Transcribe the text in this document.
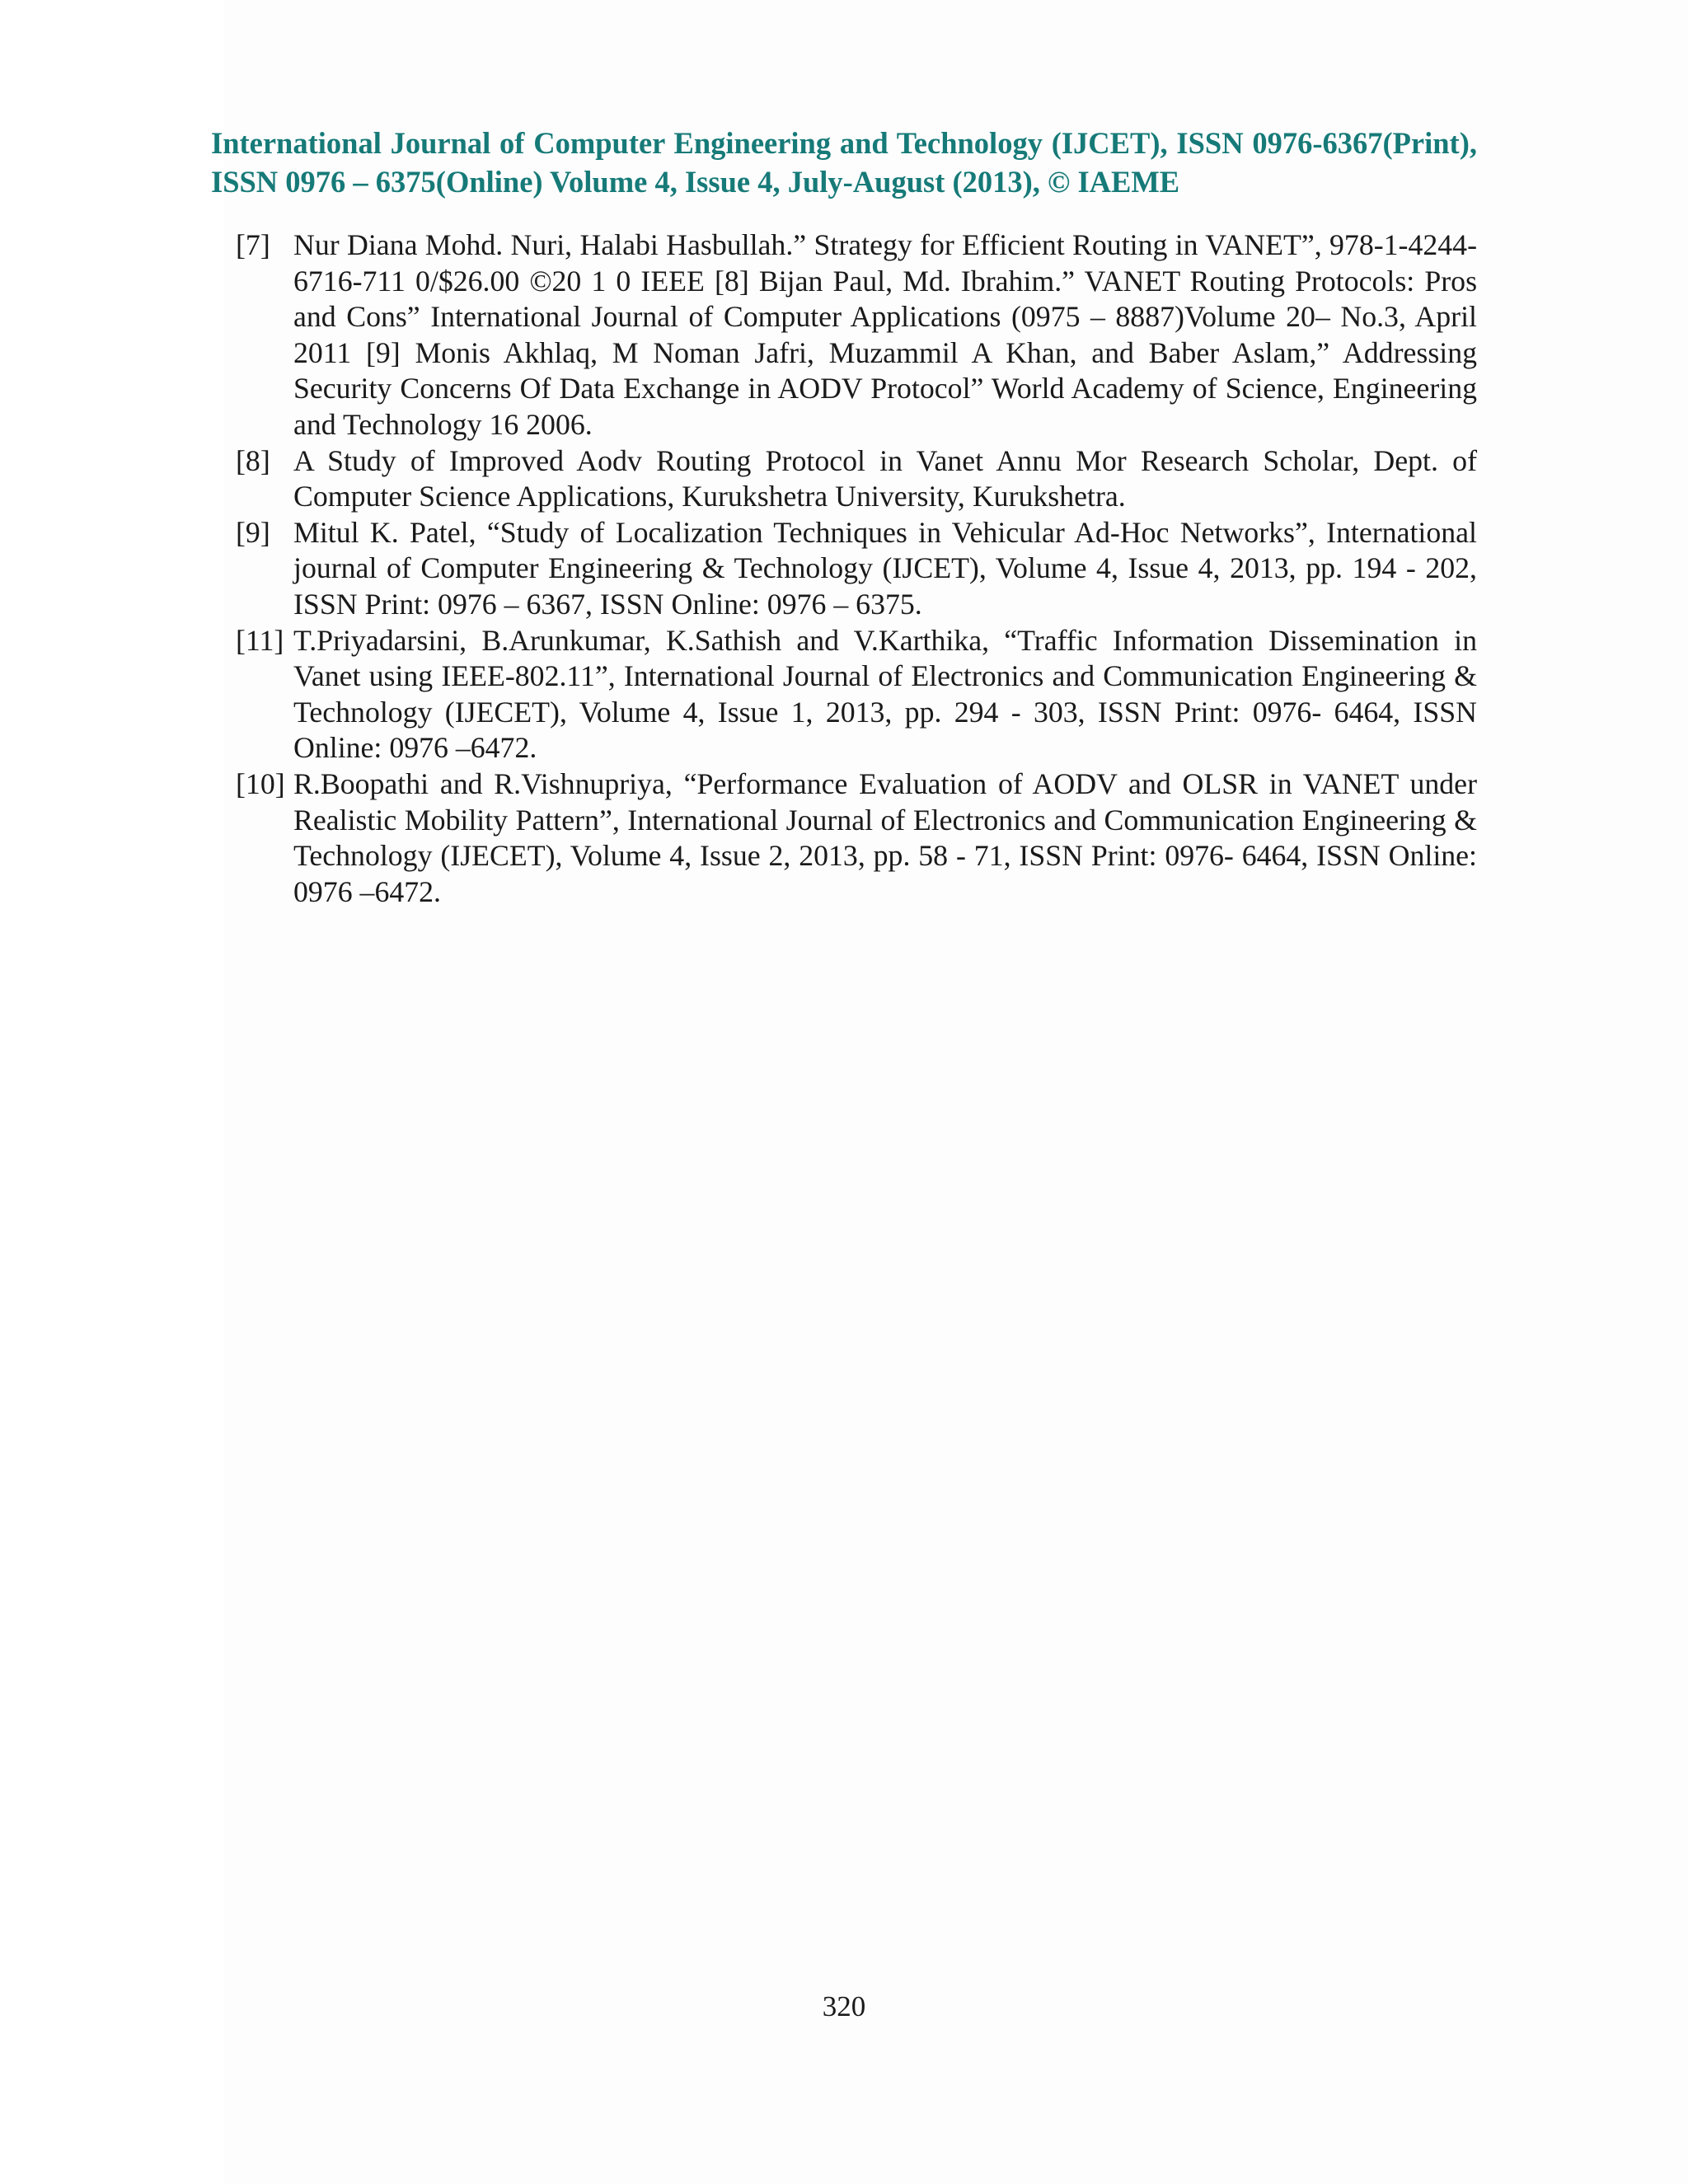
International Journal of Computer Engineering and Technology (IJCET), ISSN 0976-6367(Print), ISSN 0976 – 6375(Online) Volume 4, Issue 4, July-August (2013), © IAEME
[7] Nur Diana Mohd. Nuri, Halabi Hasbullah.” Strategy for Efficient Routing in VANET”, 978-1-4244-6716-711 0/$26.00 ©20 1 0 IEEE [8] Bijan Paul, Md. Ibrahim.” VANET Routing Protocols: Pros and Cons” International Journal of Computer Applications (0975 – 8887)Volume 20– No.3, April 2011 [9] Monis Akhlaq, M Noman Jafri, Muzammil A Khan, and Baber Aslam,” Addressing Security Concerns Of Data Exchange in AODV Protocol” World Academy of Science, Engineering and Technology 16 2006.
[8] A Study of Improved Aodv Routing Protocol in Vanet Annu Mor Research Scholar, Dept. of Computer Science Applications, Kurukshetra University, Kurukshetra.
[9] Mitul K. Patel, “Study of Localization Techniques in Vehicular Ad-Hoc Networks”, International journal of Computer Engineering & Technology (IJCET), Volume 4, Issue 4, 2013, pp. 194 - 202, ISSN Print: 0976 – 6367, ISSN Online: 0976 – 6375.
[11] T.Priyadarsini, B.Arunkumar, K.Sathish and V.Karthika, “Traffic Information Dissemination in Vanet using IEEE-802.11”, International Journal of Electronics and Communication Engineering & Technology (IJECET), Volume 4, Issue 1, 2013, pp. 294 - 303, ISSN Print: 0976- 6464, ISSN Online: 0976 –6472.
[10] R.Boopathi and R.Vishnupriya, “Performance Evaluation of AODV and OLSR in VANET under Realistic Mobility Pattern”, International Journal of Electronics and Communication Engineering & Technology (IJECET), Volume 4, Issue 2, 2013, pp. 58 - 71, ISSN Print: 0976- 6464, ISSN Online: 0976 –6472.
320
